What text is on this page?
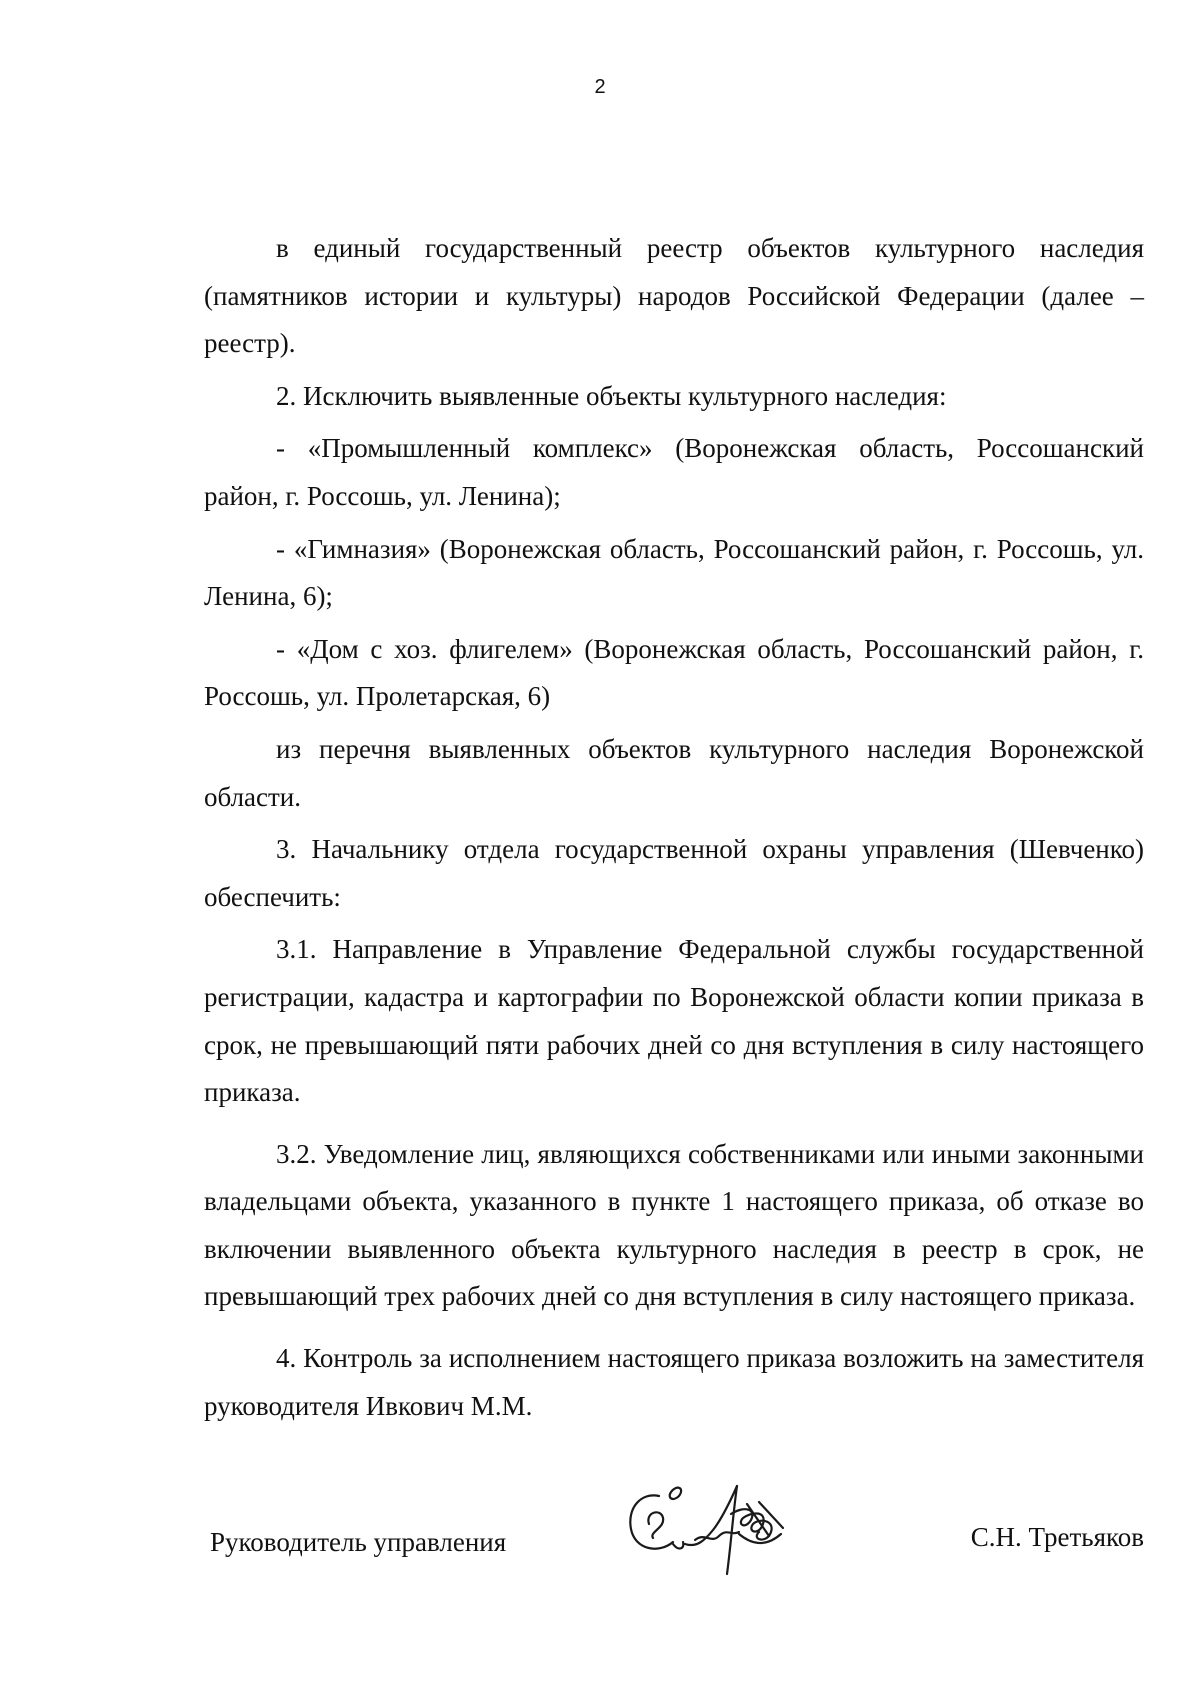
2

в единый государственный реестр объектов культурного наследия (памятников истории и культуры) народов Российской Федерации (далее – реестр).

2. Исключить выявленные объекты культурного наследия:

- «Промышленный комплекс» (Воронежская область, Россошанский район, г. Россошь, ул. Ленина);

- «Гимназия» (Воронежская область, Россошанский район, г. Россошь, ул. Ленина, 6);

- «Дом с хоз. флигелем» (Воронежская область, Россошанский район, г. Россошь, ул. Пролетарская, 6)

из перечня выявленных объектов культурного наследия Воронежской области.

3. Начальнику отдела государственной охраны управления (Шевченко) обеспечить:

3.1. Направление в Управление Федеральной службы государственной регистрации, кадастра и картографии по Воронежской области копии приказа в срок, не превышающий пяти рабочих дней со дня вступления в силу настоящего приказа.

3.2. Уведомление лиц, являющихся собственниками или иными законными владельцами объекта, указанного в пункте 1 настоящего приказа, об отказе во включении выявленного объекта культурного наследия в реестр в срок, не превышающий трех рабочих дней со дня вступления в силу настоящего приказа.

4. Контроль за исполнением настоящего приказа возложить на заместителя руководителя Ивкович М.М.

Руководитель управления	С.Н. Третьяков
